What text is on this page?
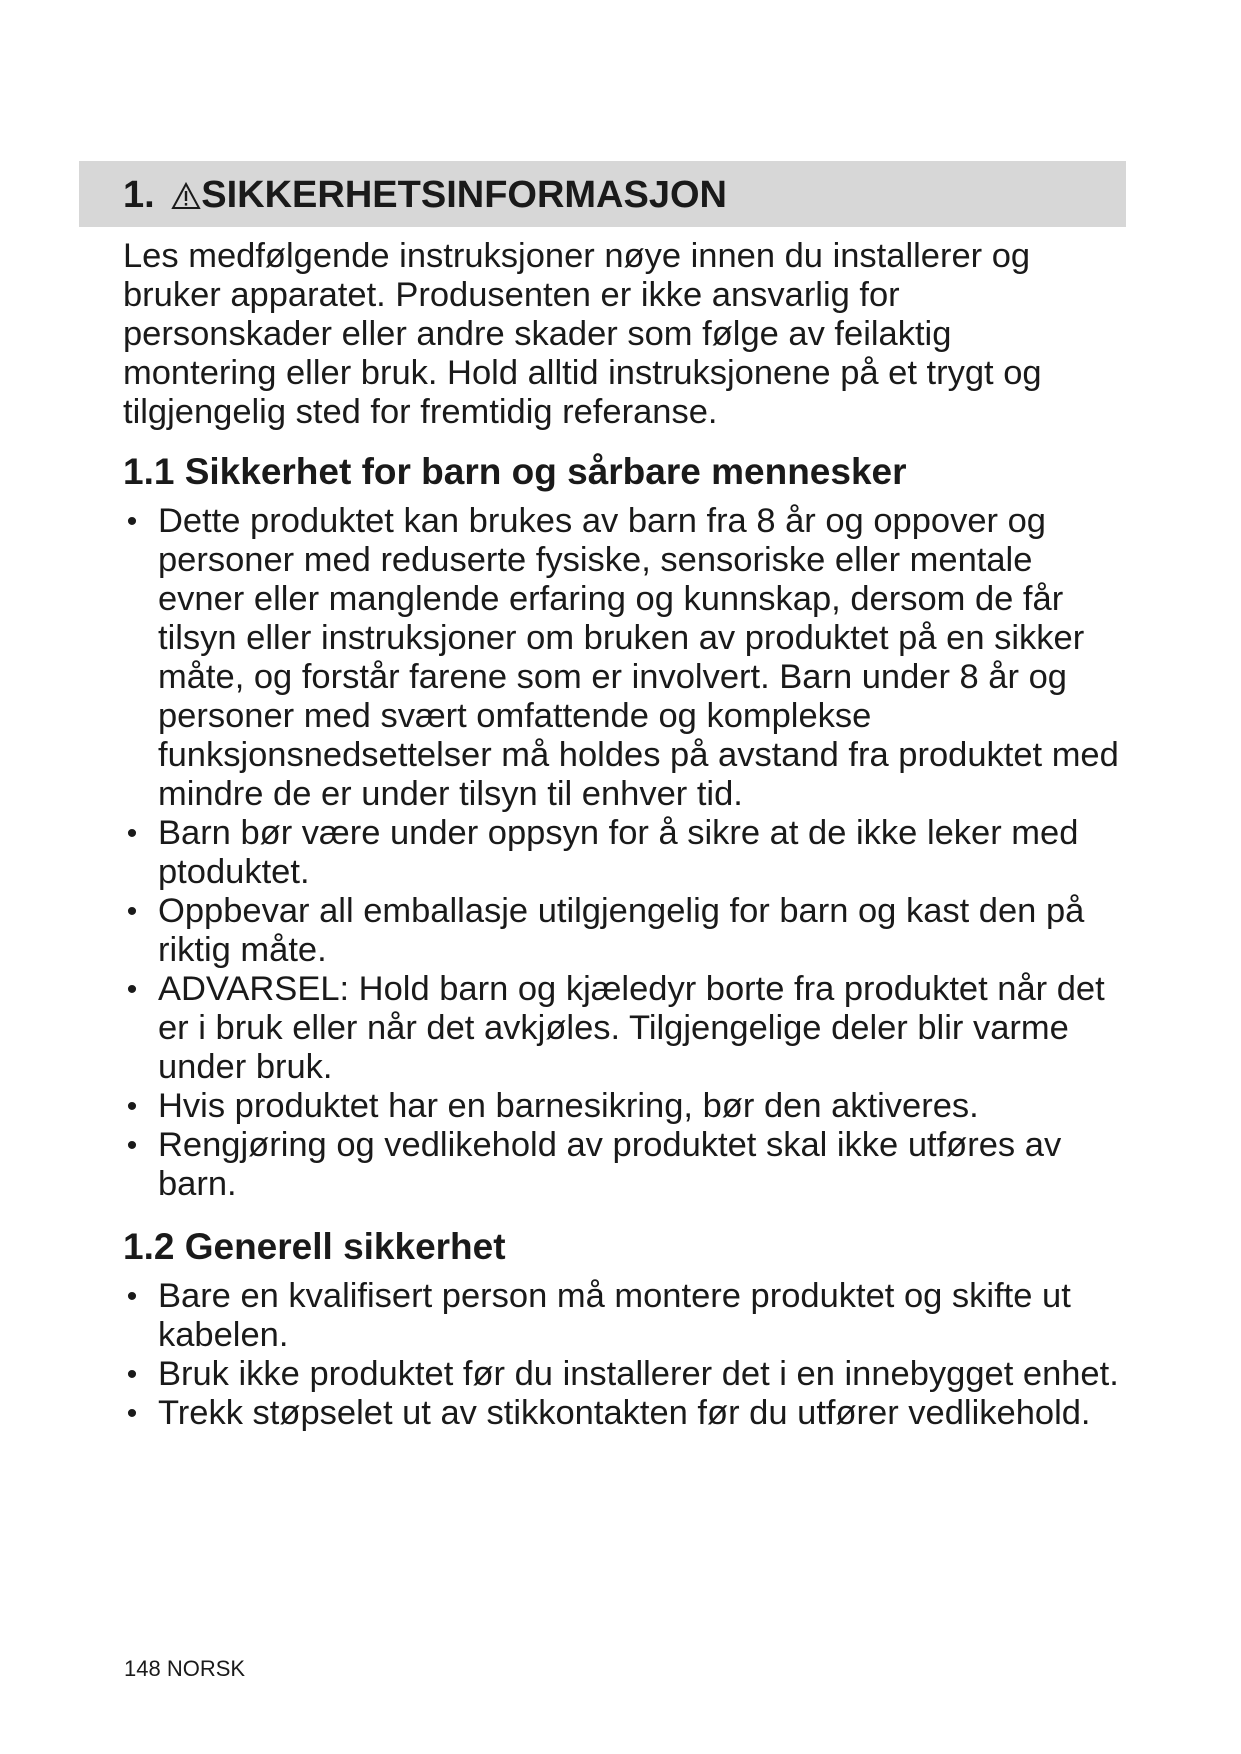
1. SIKKERHETSINFORMASJON

Les medfølgende instruksjoner nøye innen du installerer og bruker apparatet. Produsenten er ikke ansvarlig for personskader eller andre skader som følge av feilaktig montering eller bruk. Hold alltid instruksjonene på et trygt og tilgjengelig sted for fremtidig referanse.

1.1 Sikkerhet for barn og sårbare mennesker
• Dette produktet kan brukes av barn fra 8 år og oppover og personer med reduserte fysiske, sensoriske eller mentale evner eller manglende erfaring og kunnskap, dersom de får tilsyn eller instruksjoner om bruken av produktet på en sikker måte, og forstår farene som er involvert. Barn under 8 år og personer med svært omfattende og komplekse funksjonsnedsettelser må holdes på avstand fra produktet med mindre de er under tilsyn til enhver tid.
• Barn bør være under oppsyn for å sikre at de ikke leker med ptoduktet.
• Oppbevar all emballasje utilgjengelig for barn og kast den på riktig måte.
• ADVARSEL: Hold barn og kjæledyr borte fra produktet når det er i bruk eller når det avkjøles. Tilgjengelige deler blir varme under bruk.
• Hvis produktet har en barnesikring, bør den aktiveres.
• Rengjøring og vedlikehold av produktet skal ikke utføres av barn.
1.2 Generell sikkerhet
• Bare en kvalifisert person må montere produktet og skifte ut kabelen.
• Bruk ikke produktet før du installerer det i en innebygget enhet.
• Trekk støpselet ut av stikkontakten før du utfører vedlikehold.
148 NORSK
